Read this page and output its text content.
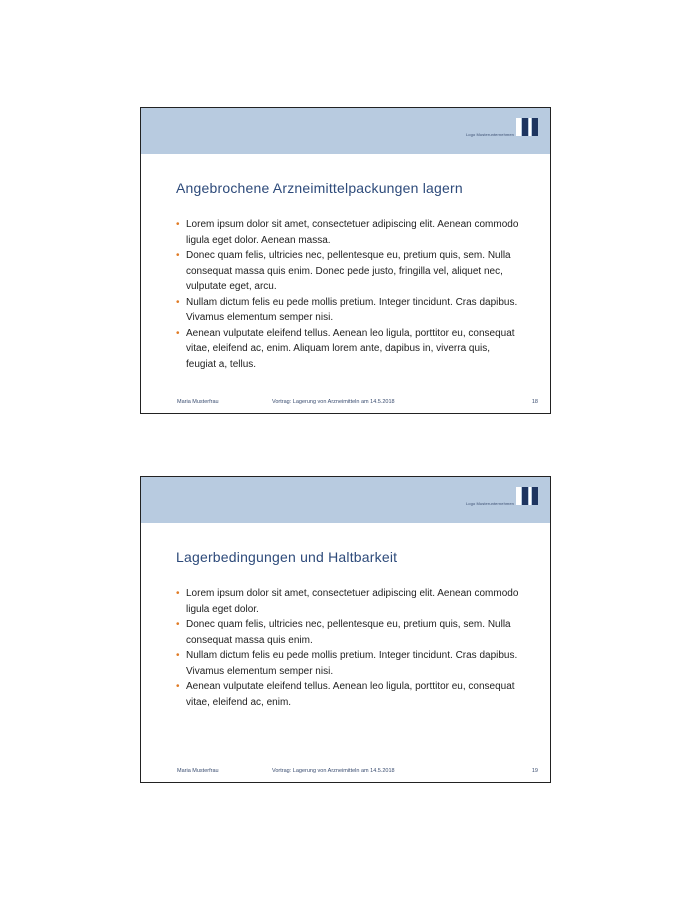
Logo Musterunternehmen
Angebrochene Arzneimittelpackungen lagern
• Lorem ipsum dolor sit amet, consectetuer adipiscing elit. Aenean commodo ligula eget dolor. Aenean massa.
• Donec quam felis, ultricies nec, pellentesque eu, pretium quis, sem. Nulla consequat massa quis enim. Donec pede justo, fringilla vel, aliquet nec, vulputate eget, arcu.
• Nullam dictum felis eu pede mollis pretium. Integer tincidunt. Cras dapibus. Vivamus elementum semper nisi.
• Aenean vulputate eleifend tellus. Aenean leo ligula, porttitor eu, consequat vitae, eleifend ac, enim. Aliquam lorem ante, dapibus in, viverra quis, feugiat a, tellus.
Maria Musterfrau	Vortrag: Lagerung von Arzneimitteln am 14.5.2018	18
Logo Musterunternehmen
Lagerbedingungen und Haltbarkeit
• Lorem ipsum dolor sit amet, consectetuer adipiscing elit. Aenean commodo ligula eget dolor.
• Donec quam felis, ultricies nec, pellentesque eu, pretium quis, sem. Nulla consequat massa quis enim.
• Nullam dictum felis eu pede mollis pretium. Integer tincidunt. Cras dapibus. Vivamus elementum semper nisi.
• Aenean vulputate eleifend tellus. Aenean leo ligula, porttitor eu, consequat vitae, eleifend ac, enim.
Maria Musterfrau	Vortrag: Lagerung von Arzneimitteln am 14.5.2018	19
